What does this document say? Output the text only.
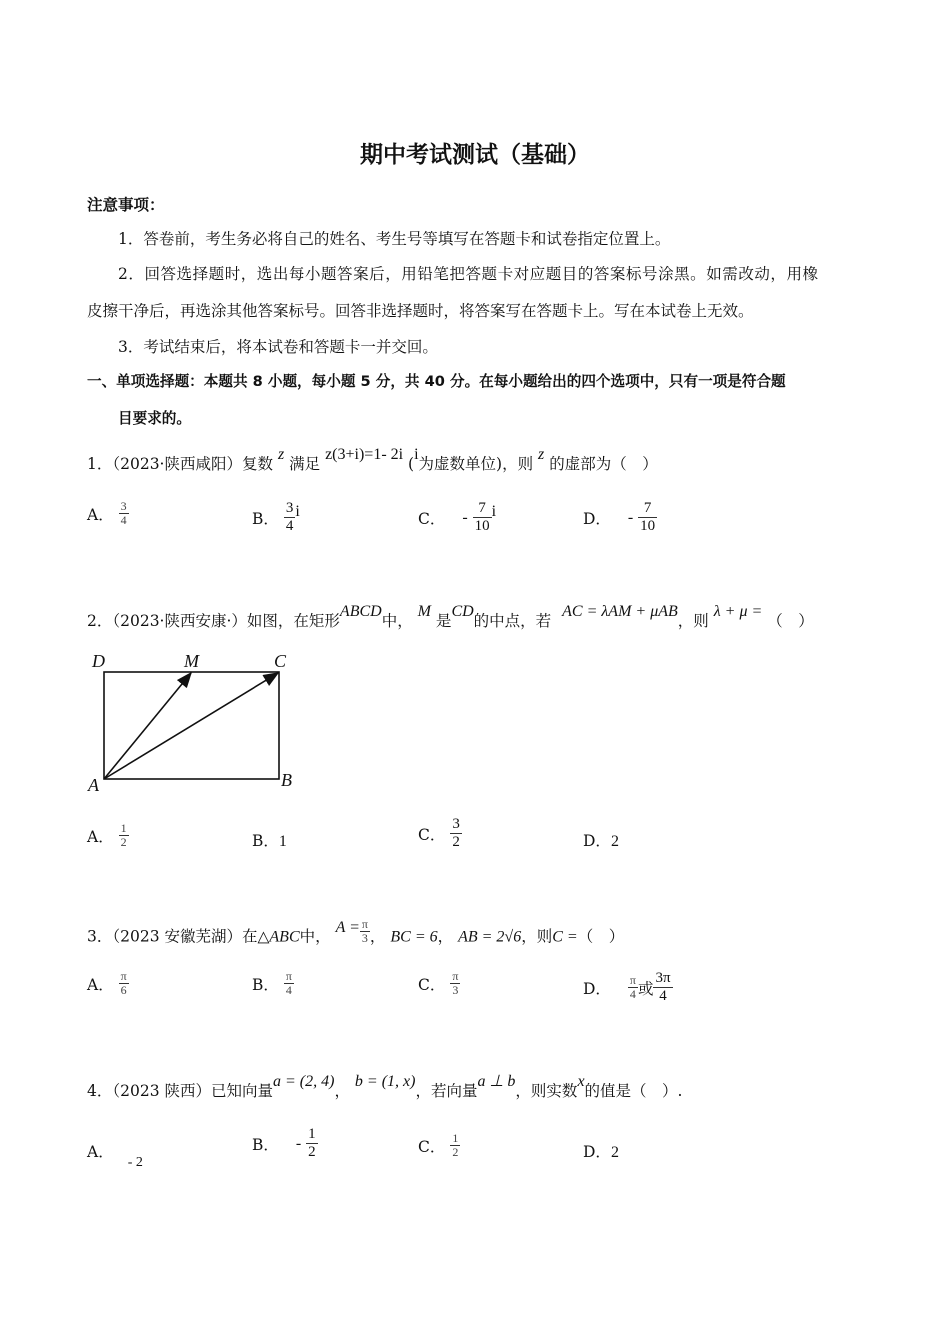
期中考试测试（基础）
注意事项：
1．答卷前，考生务必将自己的姓名、考生号等填写在答题卡和试卷指定位置上。
2．回答选择题时，选出每小题答案后，用铅笔把答题卡对应题目的答案标号涂黑。如需改动，用橡
皮擦干净后，再选涂其他答案标号。回答非选择题时，将答案写在答题卡上。写在本试卷上无效。
3．考试结束后，将本试卷和答题卡一并交回。
一、单项选择题：本题共 8 小题，每小题 5 分，共 40 分。在每小题给出的四个选项中，只有一项是符合题
目要求的。
1．（2023·陕西咸阳）复数 z 满足 z(3+i)=1- 2i (i为虚数单位)，则 z 的虚部为（　）
A． $\frac{3}{4}$	B． $\frac{3}{4}$ i	C． - $\frac{7}{10}$ i	D． - $\frac{7}{10}$
2．（2023·陕西安康·）如图，在矩形ABCD中， M 是CD的中点，若 AC = λAM + μAB，则 λ + μ = （　）
D	M	C
A	B
A． $\frac{1}{2}$	B．1	C． $\frac{3}{2}$	D．2
3．（2023 安徽芜湖）在△ABC中， $A = \frac{\pi}{3}$ ， BC = 6， AB = 2√6，则C =（　）
A． $\frac{\pi}{6}$	B． $\frac{\pi}{4}$	C． $\frac{\pi}{3}$	D． $\frac{\pi}{4}$ 或 $\frac{3\pi}{4}$
4．（2023 陕西）已知向量a = (2, 4)， b = (1, x)，若向量a ⊥ b，则实数x的值是（　）.
A．- 2
B． - $\frac{1}{2}$	C． $\frac{1}{2}$	D．2
